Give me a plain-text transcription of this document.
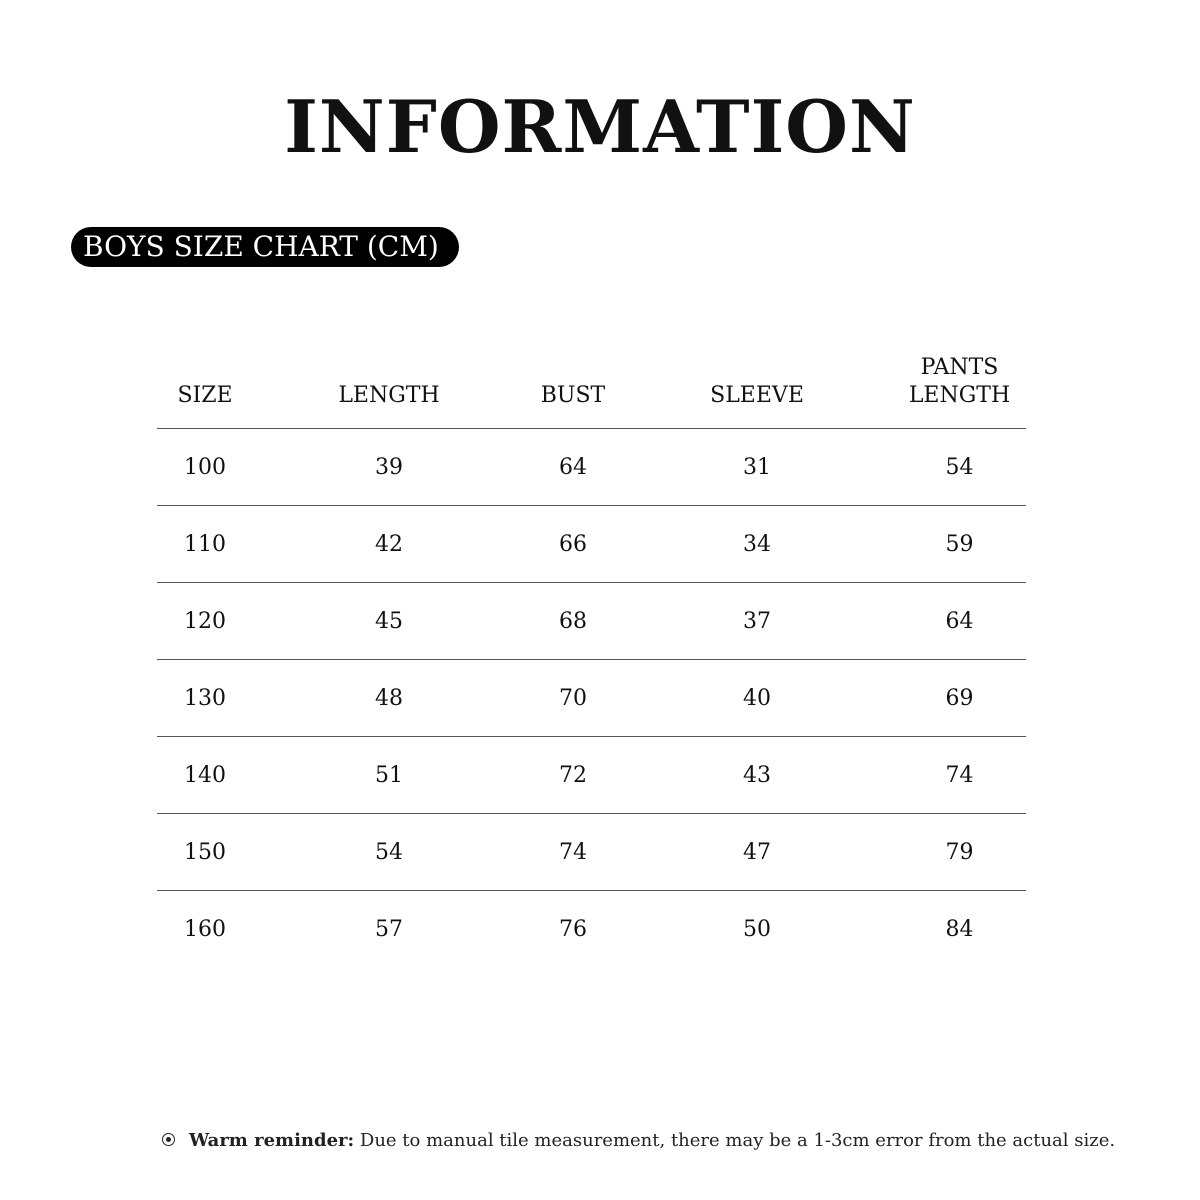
INFORMATION
BOYS SIZE CHART (CM)
SIZE	LENGTH	BUST	SLEEVE	PANTS
LENGTH
100	39	64	31	54
110	42	66	34	59
120	45	68	37	64
130	48	70	40	69
140	51	72	43	74
150	54	74	47	79
160	57	76	50	84
Warm reminder: Due to manual tile measurement, there may be a 1-3cm error from the actual size.
